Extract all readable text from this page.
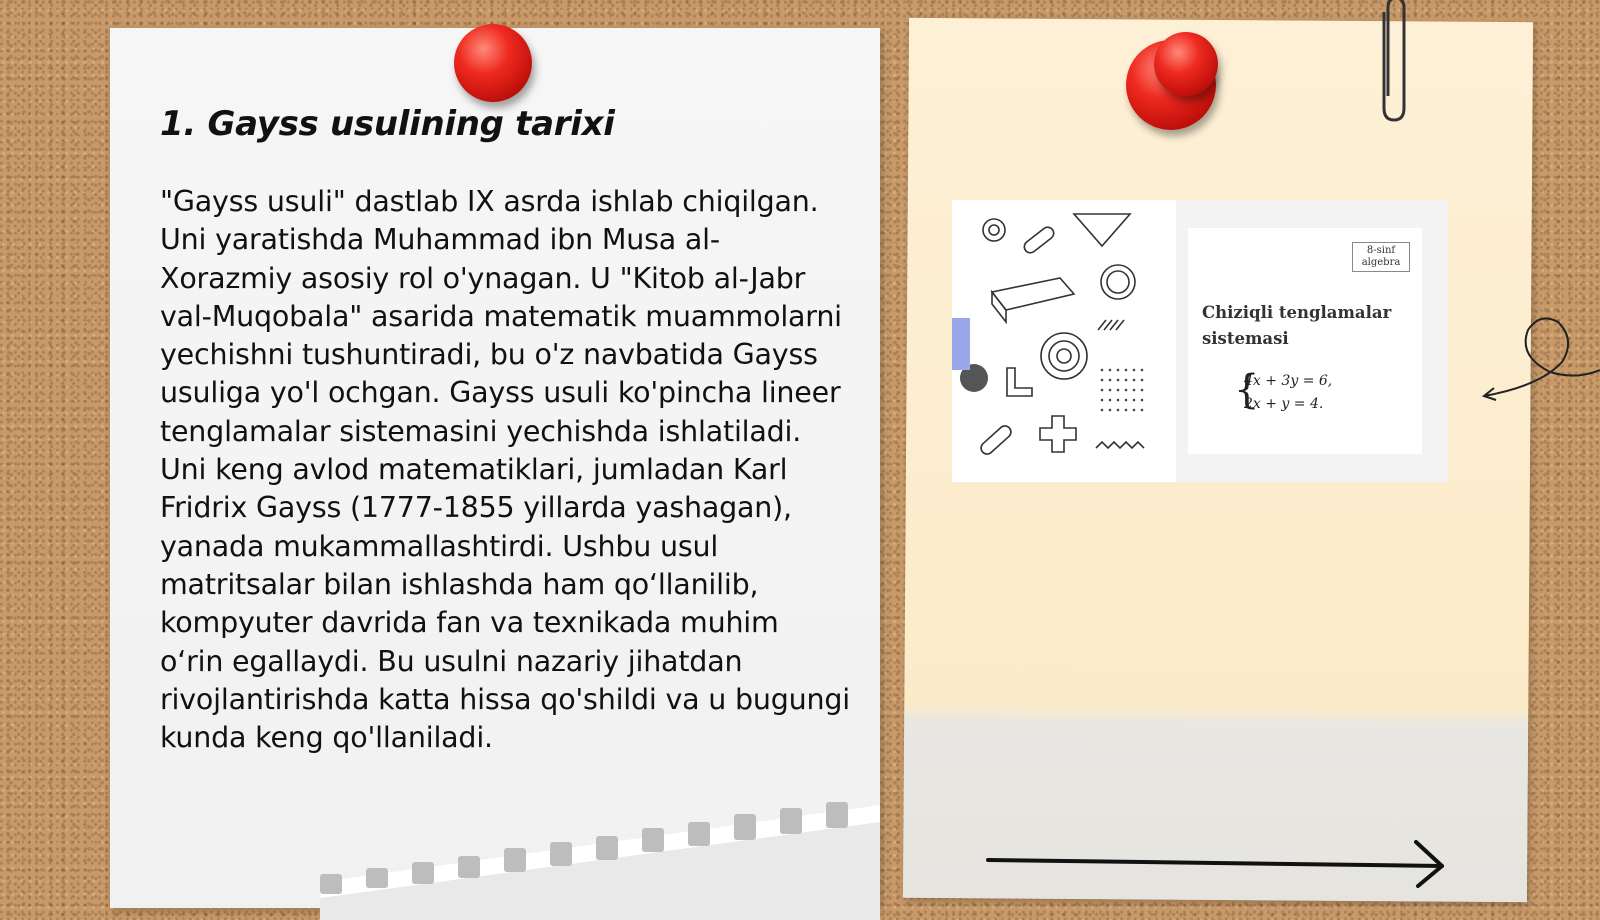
1. Gayss usulining tarixi

"Gayss usuli" dastlab IX asrda ishlab chiqilgan. Uni yaratishda Muhammad ibn Musa al-Xorazmiy asosiy rol o'ynagan. U "Kitob al-Jabr val-Muqobala" asarida matematik muammolarni yechishni tushuntiradi, bu o'z navbatida Gayss usuliga yo'l ochgan. Gayss usuli ko'pincha lineer tenglamalar sistemasini yechishda ishlatiladi. Uni keng avlod matematiklari, jumladan Karl Fridrix Gayss (1777-1855 yillarda yashagan), yanada mukammallashtirdi. Ushbu usul matritsalar bilan ishlashda ham qo‘llanilib, kompyuter davrida fan va texnikada muhim o‘rin egallaydi. Bu usulni nazariy jihatdan rivojlantirishda katta hissa qo'shildi va u bugungi kunda keng qo'llaniladi.

8-sinf
algebra

Chiziqli tenglamalar sistemasi

{
4x + 3y = 6,
2x + y = 4.
